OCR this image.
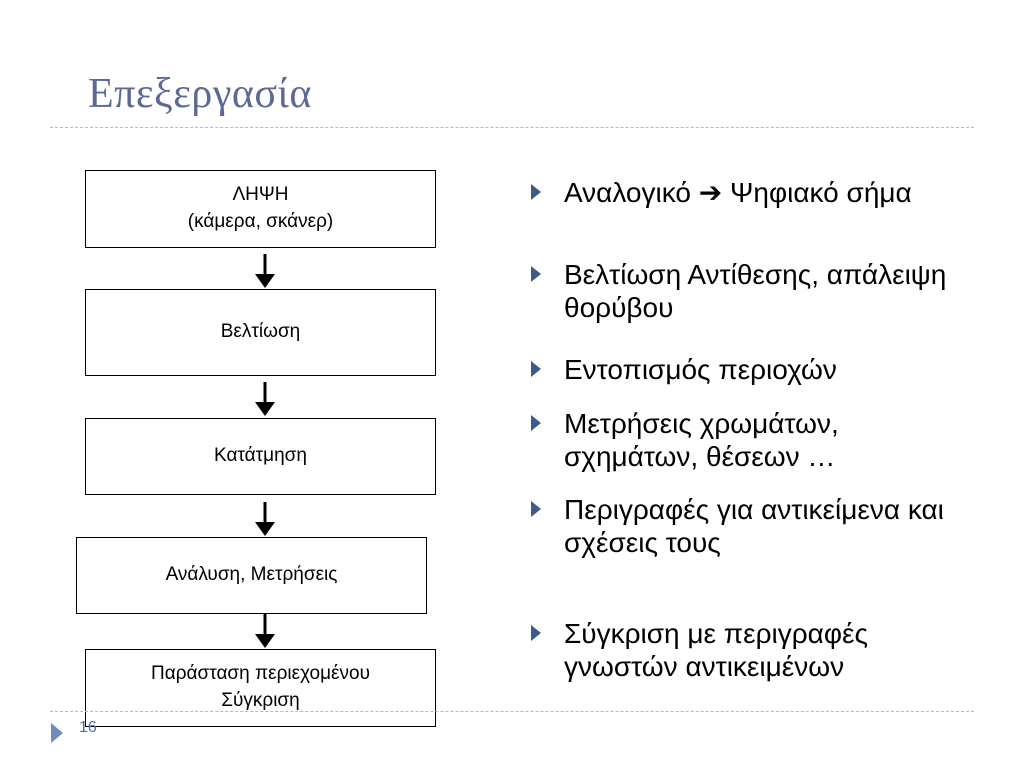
Επεξεργασία
ΛΗΨΗ
(κάμερα, σκάνερ)
Βελτίωση
Κατάτμηση
Ανάλυση, Μετρήσεις
Παράσταση περιεχομένου
Σύγκριση
Αναλογικό ➔ Ψηφιακό σήμα
Βελτίωση Αντίθεσης, απάλειψη θορύβου
Εντοπισμός περιοχών
Μετρήσεις χρωμάτων, σχημάτων, θέσεων …
Περιγραφές για αντικείμενα και σχέσεις τους
Σύγκριση με περιγραφές γνωστών αντικειμένων
16
